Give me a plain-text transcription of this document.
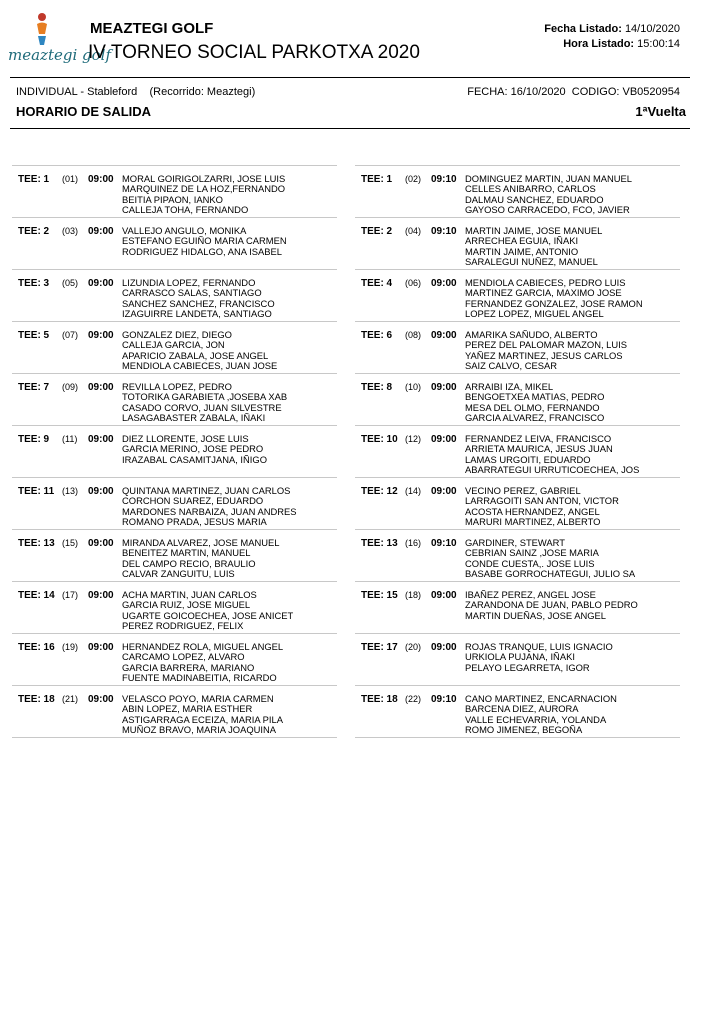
meaztegi golf
MEAZTEGI GOLF
IV TORNEO SOCIAL PARKOTXA 2020
Fecha Listado: 14/10/2020
Hora Listado: 15:00:14
INDIVIDUAL - Stableford    (Recorrido: Meaztegi)	FECHA: 16/10/2020  CODIGO: VB0520954
HORARIO DE SALIDA	1ªVuelta
TEE: 1 (01) 09:00 MORAL GOIRIGOLZARRI, JOSE LUIS
MARQUINEZ DE LA HOZ,FERNANDO
BEITIA PIPAON, IANKO
CALLEJA TOHA, FERNANDO
TEE: 2 (03) 09:00 VALLEJO ANGULO, MONIKA
ESTEFANO EGUIÑO MARIA CARMEN
RODRIGUEZ HIDALGO, ANA ISABEL
TEE: 3 (05) 09:00 LIZUNDIA LOPEZ, FERNANDO
CARRASCO SALAS, SANTIAGO
SANCHEZ SANCHEZ, FRANCISCO
IZAGUIRRE LANDETA, SANTIAGO
TEE: 5 (07) 09:00 GONZALEZ DIEZ, DIEGO
CALLEJA GARCIA, JON
APARICIO ZABALA, JOSE ANGEL
MENDIOLA CABIECES, JUAN JOSE
TEE: 7 (09) 09:00 REVILLA LOPEZ, PEDRO
TOTORIKA GARABIETA ,JOSEBA XAB
CASADO CORVO, JUAN SILVESTRE
LASAGABASTER ZABALA, IÑAKI
TEE: 9 (11) 09:00 DIEZ LLORENTE, JOSE LUIS
GARCIA MERINO, JOSE PEDRO
IRAZABAL CASAMITJANA, IÑIGO
TEE: 11 (13) 09:00 QUINTANA MARTINEZ, JUAN CARLOS
CORCHON SUAREZ, EDUARDO
MARDONES NARBAIZA, JUAN ANDRES
ROMANO PRADA, JESUS MARIA
TEE: 13 (15) 09:00 MIRANDA ALVAREZ, JOSE MANUEL
BENEITEZ MARTIN, MANUEL
DEL CAMPO RECIO, BRAULIO
CALVAR ZANGUITU, LUIS
TEE: 14 (17) 09:00 ACHA MARTIN, JUAN CARLOS
GARCIA RUIZ, JOSE MIGUEL
UGARTE GOICOECHEA, JOSE ANICET
PEREZ RODRIGUEZ, FELIX
TEE: 16 (19) 09:00 HERNANDEZ ROLA, MIGUEL ANGEL
CARCAMO LOPEZ, ALVARO
GARCIA BARRERA, MARIANO
FUENTE MADINABEITIA, RICARDO
TEE: 18 (21) 09:00 VELASCO POYO, MARIA CARMEN
ABIN LOPEZ, MARIA ESTHER
ASTIGARRAGA ECEIZA, MARIA PILA
MUÑOZ BRAVO, MARIA JOAQUINA
TEE: 1 (02) 09:10 DOMINGUEZ MARTIN, JUAN MANUEL
CELLES ANIBARRO, CARLOS
DALMAU SANCHEZ, EDUARDO
GAYOSO CARRACEDO, FCO, JAVIER
TEE: 2 (04) 09:10 MARTIN JAIME, JOSE MANUEL
ARRECHEA EGUIA, IÑAKI
MARTIN JAIME, ANTONIO
SARALEGUI NUÑEZ, MANUEL
TEE: 4 (06) 09:00 MENDIOLA CABIECES, PEDRO LUIS
MARTINEZ GARCIA, MAXIMO JOSE
FERNANDEZ GONZALEZ, JOSE RAMON
LOPEZ LOPEZ, MIGUEL ANGEL
TEE: 6 (08) 09:00 AMARIKA SAÑUDO, ALBERTO
PEREZ DEL PALOMAR MAZON, LUIS
YAÑEZ MARTINEZ, JESUS CARLOS
SAIZ CALVO, CESAR
TEE: 8 (10) 09:00 ARRAIBI IZA, MIKEL
BENGOETXEA MATIAS, PEDRO
MESA DEL OLMO, FERNANDO
GARCIA ALVAREZ, FRANCISCO
TEE: 10 (12) 09:00 FERNANDEZ LEIVA, FRANCISCO
ARRIETA MAURICA, JESUS JUAN
LAMAS URGOITI, EDUARDO
ABARRATEGUI URRUTICOECHEA, JOS
TEE: 12 (14) 09:00 VECINO PEREZ, GABRIEL
LARRAGOITI SAN ANTON, VICTOR
ACOSTA HERNANDEZ, ANGEL
MARURI MARTINEZ, ALBERTO
TEE: 13 (16) 09:10 GARDINER, STEWART
CEBRIAN SAINZ ,JOSE MARIA
CONDE CUESTA,. JOSE LUIS
BASABE GORROCHATEGUI, JULIO SA
TEE: 15 (18) 09:00 IBAÑEZ PEREZ, ANGEL JOSE
ZARANDONA DE JUAN, PABLO PEDRO
MARTIN DUEÑAS, JOSE ANGEL
TEE: 17 (20) 09:00 ROJAS TRANQUE, LUIS IGNACIO
URKIOLA PUJANA, IÑAKI
PELAYO LEGARRETA, IGOR
TEE: 18 (22) 09:10 CANO MARTINEZ, ENCARNACION
BARCENA DIEZ, AURORA
VALLE ECHEVARRIA, YOLANDA
ROMO JIMENEZ, BEGOÑA
